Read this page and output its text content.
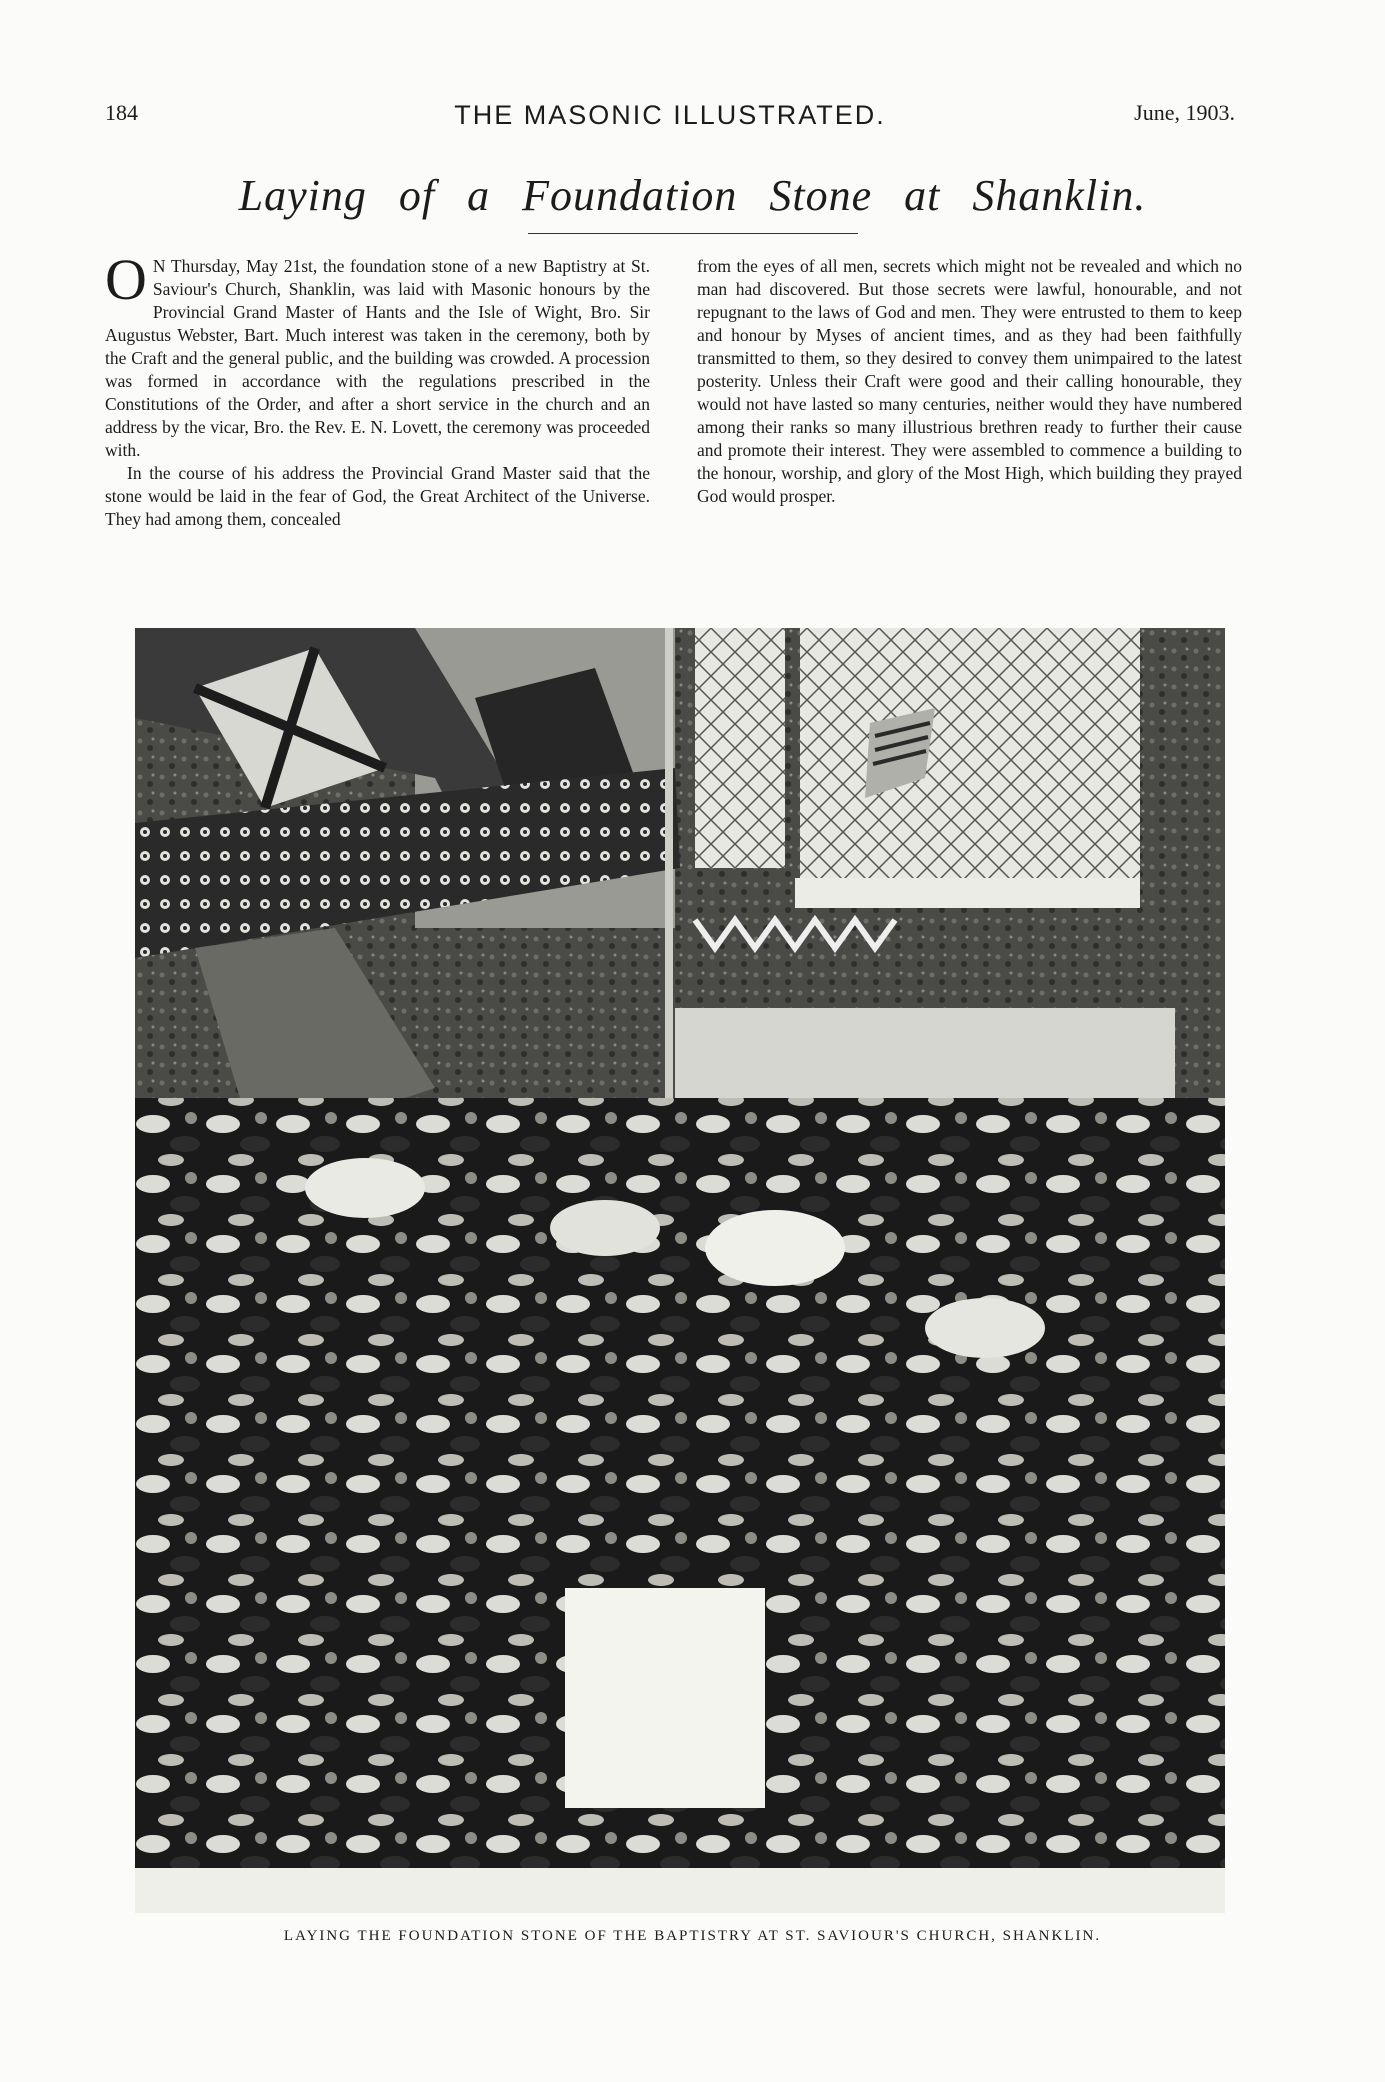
184	THE MASONIC ILLUSTRATED.	June, 1903.
Laying of a Foundation Stone at Shanklin.

O N Thursday, May 21st, the foundation stone of a new Baptistry at St. Saviour's Church, Shanklin, was laid with Masonic honours by the Provincial Grand Master of Hants and the Isle of Wight, Bro. Sir Augustus Webster, Bart. Much interest was taken in the ceremony, both by the Craft and the general public, and the building was crowded. A procession was formed in accordance with the regulations prescribed in the Constitutions of the Order, and after a short service in the church and an address by the vicar, Bro. the Rev. E. N. Lovett, the ceremony was proceeded with.

In the course of his address the Provincial Grand Master said that the stone would be laid in the fear of God, the Great Architect of the Universe. They had among them, concealed

from the eyes of all men, secrets which might not be revealed and which no man had discovered. But those secrets were lawful, honourable, and not repugnant to the laws of God and men. They were entrusted to them to keep and honour by Myses of ancient times, and as they had been faithfully transmitted to them, so they desired to convey them unimpaired to the latest posterity. Unless their Craft were good and their calling honourable, they would not have lasted so many centuries, neither would they have numbered among their ranks so many illustrious brethren ready to further their cause and promote their interest. They were assembled to commence a building to the honour, worship, and glory of the Most High, which building they prayed God would prosper.

LAYING THE FOUNDATION STONE OF THE BAPTISTRY AT ST. SAVIOUR'S CHURCH, SHANKLIN.
